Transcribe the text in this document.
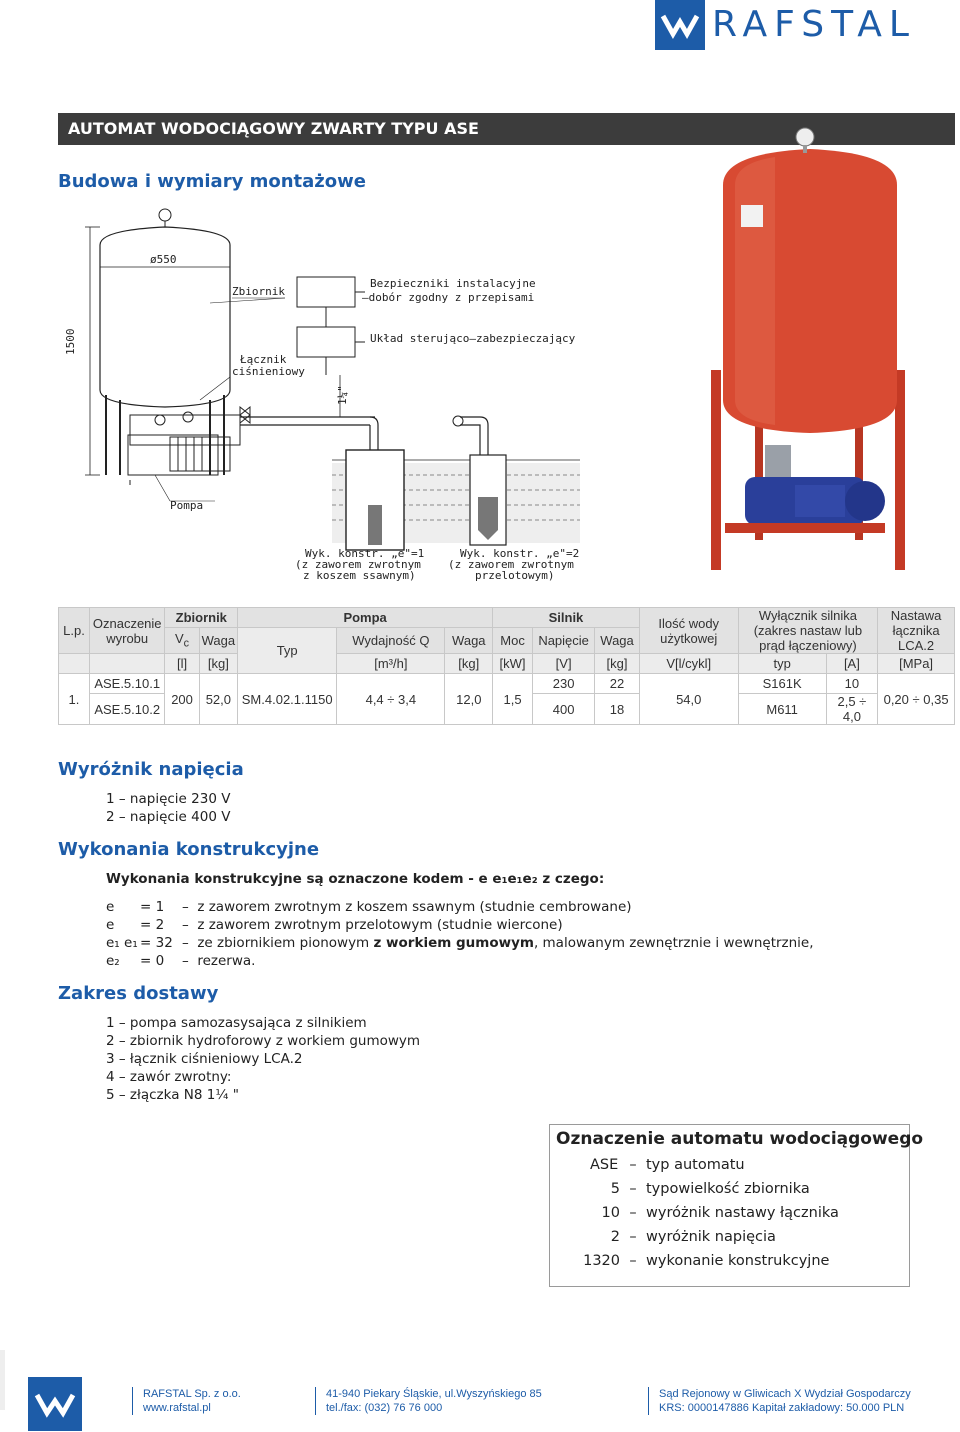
RAFSTAL
AUTOMAT WODOCIĄGOWY ZWARTY TYPU ASE
Budowa i wymiary montażowe
ø550
1500
Zbiornik
Bezpieczniki instalacyjne
–dobór zgodny z przepisami
Układ sterująco–zabezpieczający
Łącznik
ciśnieniowy
Pompa
1¼"
Wyk. konstr. „e"=1
(z zaworem zwrotnym
z koszem ssawnym)
Wyk. konstr. „e"=2
(z zaworem zwrotnym
przelotowym)
L.p.	Oznaczenie wyrobu	Zbiornik		Pompa			Silnik			Ilość wody użytkowej	Wyłącznik silnika (zakres nastaw lub prąd łączeniowy)		Nastawa łącznika LCA.2
		$V_c$	Waga	Typ	Wydajność Q	Waga	Moc	Napięcie	Waga				
		[l]	[kg]		[m³/h]	[kg]	[kW]	[V]	[kg]	V[l/cykl]	typ	[A]	[MPa]
1.	ASE.5.10.1	200	52,0	SM.4.02.1.1150	4,4 ÷ 3,4	12,0	1,5	230	22	54,0	S161K	10	0,20 ÷ 0,35
	ASE.5.10.2							400	18		M611	2,5 ÷ 4,0	
Wyróżnik napięcia
1 – napięcie 230 V
2 – napięcie 400 V
Wykonania konstrukcyjne
Wykonania konstrukcyjne są oznaczone kodem - e e₁e₁e₂ z czego:
e = 1 –  z zaworem zwrotnym z koszem ssawnym (studnie cembrowane)
e = 2 –  z zaworem zwrotnym przelotowym (studnie wiercone)
e₁ e₁ = 32 –  ze zbiornikiem pionowym z workiem gumowym, malowanym zewnętrznie i wewnętrznie,
e₂ = 0 –  rezerwa.
Zakres dostawy
1 – pompa samozasysająca z silnikiem
2 – zbiornik hydroforowy z workiem gumowym
3 – łącznik ciśnieniowy LCA.2
4 – zawór zwrotny:
5 – złączka N8 1¼ "
Oznaczenie automatu wodociągowego
ASE – typ automatu
5 – typowielkość zbiornika
10 – wyróżnik nastawy łącznika
2 – wyróżnik napięcia
1320 – wykonanie konstrukcyjne
RAFSTAL Sp. z o.o.
www.rafstal.pl
41-940 Piekary Śląskie, ul.Wyszyńskiego 85
tel./fax: (032) 76 76 000
Sąd Rejonowy w Gliwicach X Wydział Gospodarczy
KRS: 0000147886 Kapitał zakładowy: 50.000 PLN
